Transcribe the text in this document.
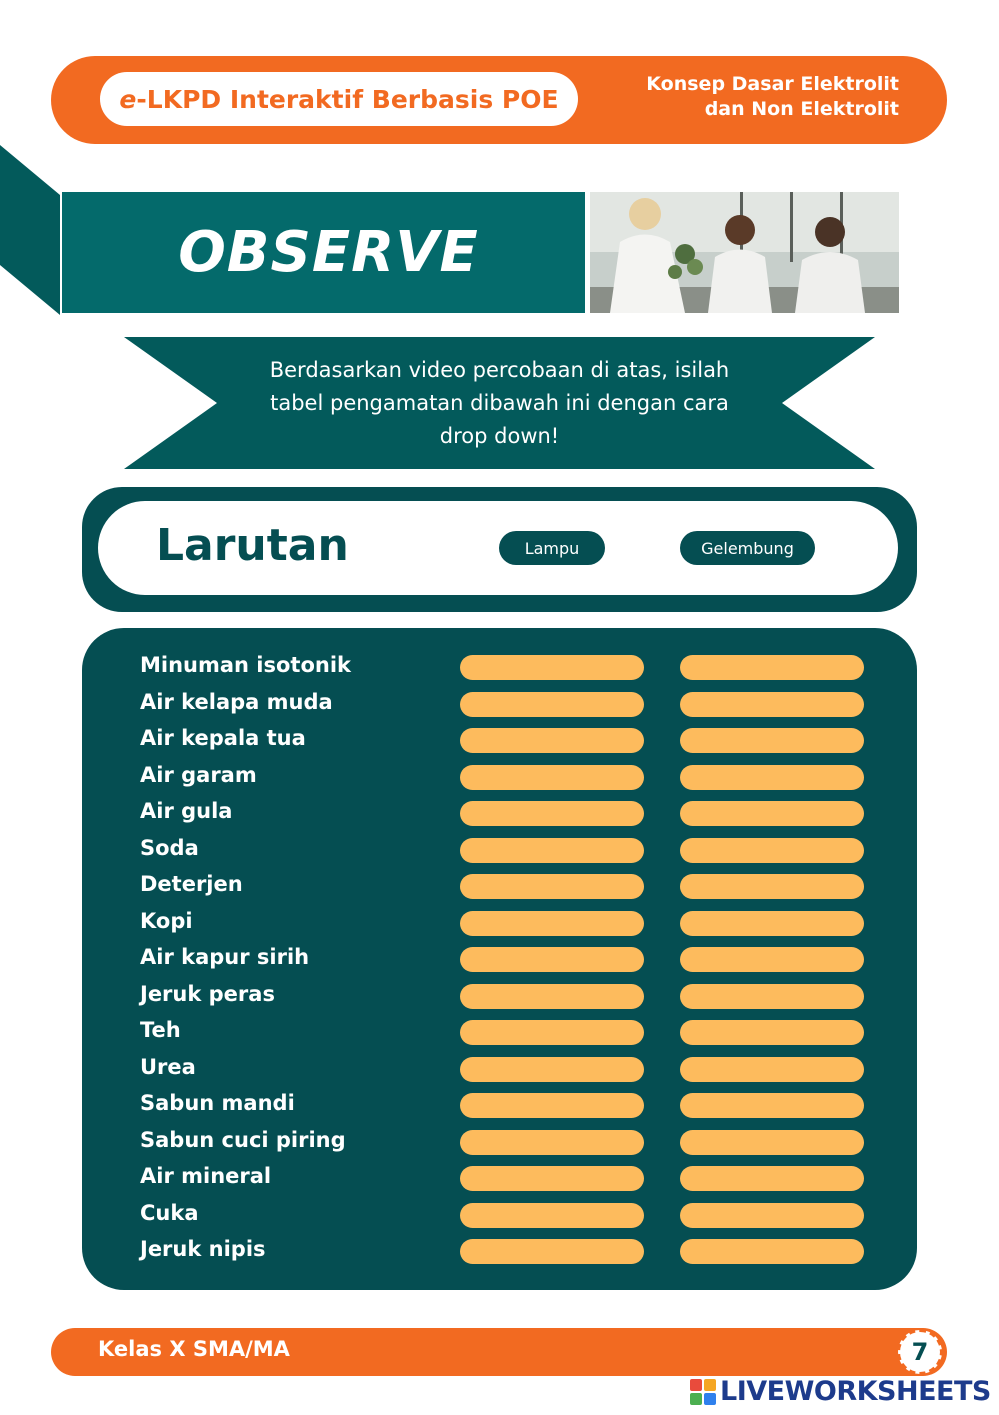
e -LKPD Interaktif Berbasis POE
Konsep Dasar Elektrolit
dan Non Elektrolit
OBSERVE
Berdasarkan video percobaan di atas, isilah
tabel pengamatan dibawah ini dengan cara
drop down!
Larutan	Lampu	Gelembung
Minuman isotonik
Air kelapa muda
Air kepala tua
Air garam
Air gula
Soda
Deterjen
Kopi
Air kapur sirih
Jeruk peras
Teh
Urea
Sabun mandi
Sabun cuci piring
Air mineral
Cuka
Jeruk nipis
Kelas X SMA/MA	7
LIVEWORKSHEETS
